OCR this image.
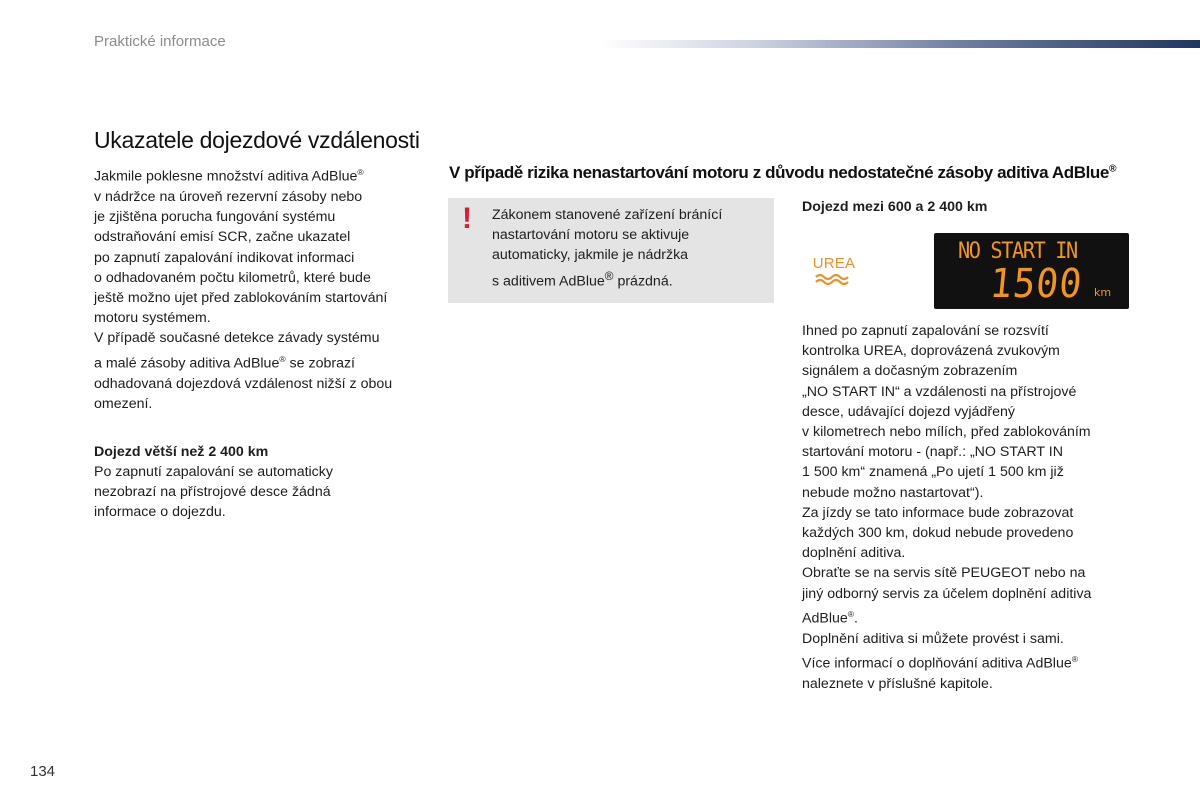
Praktické informace
Ukazatele dojezdové vzdálenosti
Jakmile poklesne množství aditiva AdBlue®
v nádržce na úroveň rezervní zásoby nebo
je zjištěna porucha fungování systému
odstraňování emisí SCR, začne ukazatel
po zapnutí zapalování indikovat informaci
o odhadovaném počtu kilometrů, které bude
ještě možno ujet před zablokováním startování
motoru systémem.
V případě současné detekce závady systému
a malé zásoby aditiva AdBlue® se zobrazí
odhadovaná dojezdová vzdálenost nižší z obou
omezení.
Dojezd větší než 2 400 km
Po zapnutí zapalování se automaticky
nezobrazí na přístrojové desce žádná
informace o dojezdu.
V případě rizika nenastartování motoru z důvodu nedostatečné zásoby aditiva AdBlue®
! Zákonem stanovené zařízení bránící
nastartování motoru se aktivuje
automaticky, jakmile je nádržka
s aditivem AdBlue® prázdná.
Dojezd mezi 600 a 2 400 km
UREA	NO START IN
1500 km
Ihned po zapnutí zapalování se rozsvítí
kontrolka UREA, doprovázená zvukovým
signálem a dočasným zobrazením
„NO START IN“ a vzdálenosti na přístrojové
desce, udávající dojezd vyjádřený
v kilometrech nebo mílích, před zablokováním
startování motoru - (např.: „NO START IN
1 500 km“ znamená „Po ujetí 1 500 km již
nebude možno nastartovat“).
Za jízdy se tato informace bude zobrazovat
každých 300 km, dokud nebude provedeno
doplnění aditiva.
Obraťte se na servis sítě PEUGEOT nebo na
jiný odborný servis za účelem doplnění aditiva
AdBlue®.
Doplnění aditiva si můžete provést i sami.
Více informací o doplňování aditiva AdBlue®
naleznete v příslušné kapitole.
134
